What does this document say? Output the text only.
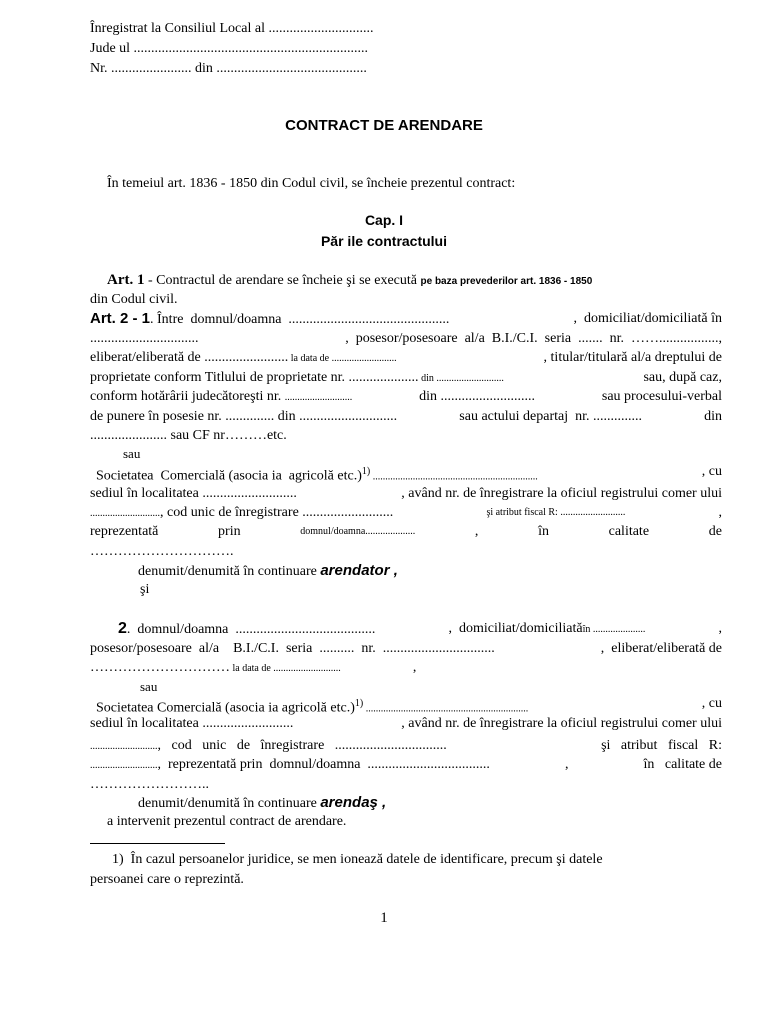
Înregistrat la Consiliul Local al ..............................
Jude ul ...................................................................
Nr. ....................... din ...........................................
CONTRACT DE ARENDARE
În temeiul art. 1836 - 1850 din Codul civil, se încheie prezentul contract:
Cap. I
Păr ile contractului
Art. 1 - Contractul de arendare se încheie şi se execută pe baza prevederilor art. 1836 - 1850
din Codul civil.
Art. 2 - 1. Între  domnul/doamna  ..............................................	,  domiciliat/domiciliată în
...............................	,  posesor/posesoare  al/a  B.I./C.I.  seria  .......  nr.  …….................,
eliberat/eliberată de ........................ la data de ..........................	, titular/titulară al/a dreptului de
proprietate conform Titlului de proprietate nr. .................... din ...........................	sau, după caz,
conform hotărârii judecătoreşti nr. ...........................	din ...........................	sau procesului-verbal
de punere în posesie nr. .............. din ............................	sau actului departaj  nr. ..............	din
...................... sau CF nr………etc.
sau
Societatea  Comercială (asocia ia  agricolă etc.)$^{1)}$ ..................................................................	, cu
sediul în localitatea ...........................	, având nr. de înregistrare la oficiul registrului comer ului
............................, cod unic de înregistrare ..........................	şi atribut fiscal R: ..........................	,
reprezentată	prin	domnul/doamna....................	,	în	calitate	de
………………………….
denumit/denumită în continuare arendator ,
şi
2.  domnul/doamna  ........................................	,  domiciliat/domiciliatăîn .....................	,
posesor/posesoare  al/a    B.I./C.I.  seria  ..........  nr.  ................................	,  eliberat/eliberată de
………………………… la data de ...........................	,
sau
Societatea Comercială (asocia ia agricolă etc.)$^{1)}$ .................................................................	, cu
sediul în localitatea ..........................	, având nr. de înregistrare la oficiul registrului comer ului
...........................,   cod   unic   de   înregistrare   ................................	şi   atribut   fiscal   R:
...........................,  reprezentată prin  domnul/doamna  ...................................	,	în   calitate de
……………………..
denumit/denumită în continuare arendaş ,
a intervenit prezentul contract de arendare.
1)  În cazul persoanelor juridice, se men ionează datele de identificare, precum şi datele
persoanei care o reprezintă.
1
